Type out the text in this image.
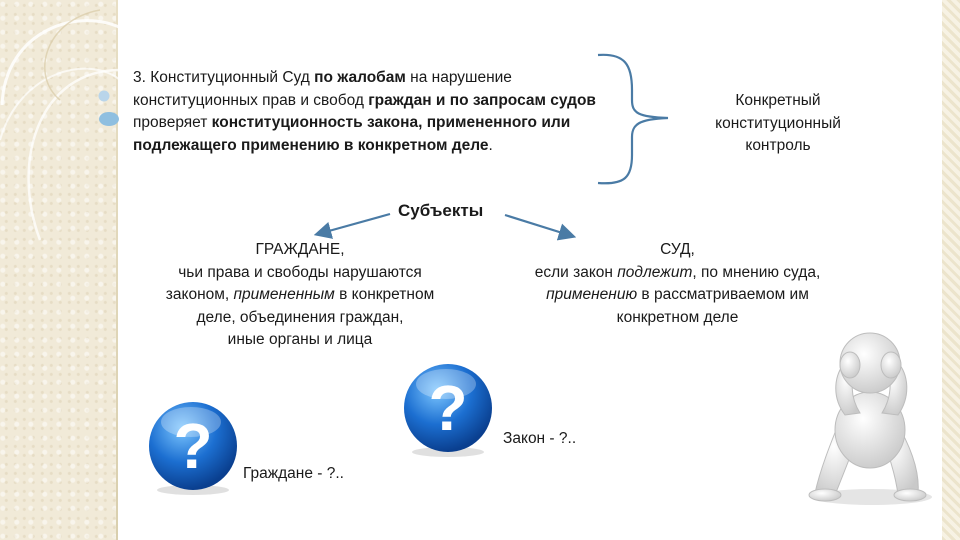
3. Конституционный Суд по жалобам на нарушение конституционных прав и свобод граждан и по запросам судов проверяет конституционность закона, примененного или подлежащего применению в конкретном деле.
Конкретный
конституционный
контроль
Субъекты
ГРАЖДАНЕ,
чьи права и свободы нарушаются
законом, примененным в конкретном
деле, объединения граждан,
иные органы и лица
СУД,
если закон подлежит, по мнению суда,
применению в рассматриваемом им
конкретном деле
?
? Закон - ?..
Граждане - ?..
